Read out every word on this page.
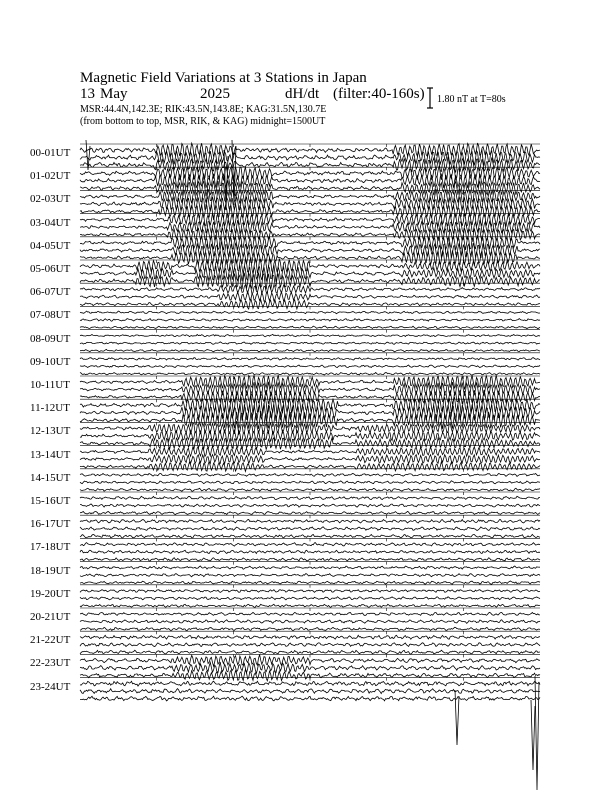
Magnetic Field Variations at 3 Stations in Japan
13 May	2025	dH/dt (filter:40-160s)
MSR:44.4N,142.3E; RIK:43.5N,143.8E; KAG:31.5N,130.7E
(from bottom to top, MSR, RIK, & KAG) midnight=1500UT
1.80 nT at T=80s
00-01UT
01-02UT
02-03UT
03-04UT
04-05UT
05-06UT
06-07UT
07-08UT
08-09UT
09-10UT
10-11UT
11-12UT
12-13UT
13-14UT
14-15UT
15-16UT
16-17UT
17-18UT
18-19UT
19-20UT
20-21UT
21-22UT
22-23UT
23-24UT
